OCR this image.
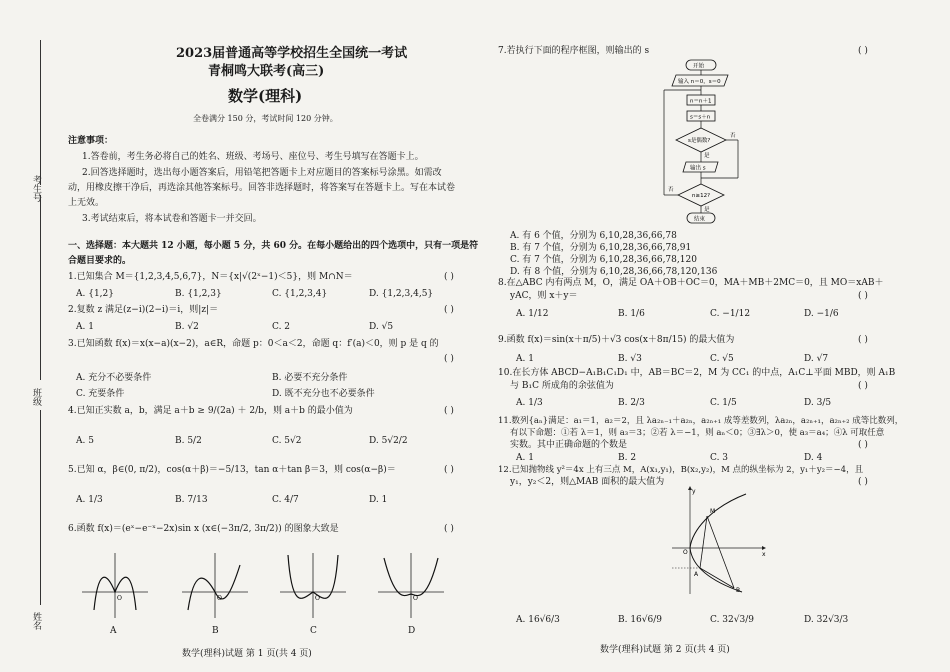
考生号
班级
姓名
2023届普通高等学校招生全国统一考试
青桐鸣大联考(高三)
数学(理科)
全卷满分 150 分，考试时间 120 分钟。
注意事项：
1.答卷前，考生务必将自己的姓名、班级、考场号、座位号、考生号填写在答题卡上。
2.回答选择题时，选出每小题答案后，用铅笔把答题卡上对应题目的答案标号涂黑。如需改
动，用橡皮擦干净后，再选涂其他答案标号。回答非选择题时，将答案写在答题卡上。写在本试卷
上无效。
3.考试结束后，将本试卷和答题卡一并交回。
一、选择题：本大题共 12 小题，每小题 5 分，共 60 分。在每小题给出的四个选项中，只有一项是符
合题目要求的。
1.已知集合 M＝{1,2,3,4,5,6,7}，N＝{x|√(2ˣ−1)＜5}，则 M∩N＝	( )
A. {1,2}	B. {1,2,3}	C. {1,2,3,4}	D. {1,2,3,4,5}
2.复数 z 满足(z−i)(2−i)＝i，则|z|＝	( )
A. 1	B. √2	C. 2	D. √5
3.已知函数 f(x)＝x(x−a)(x−2)，a∈R，命题 p：0＜a＜2，命题 q：f′(a)＜0，则 p 是 q 的
( )
A. 充分不必要条件	B. 必要不充分条件
C. 充要条件	D. 既不充分也不必要条件
4.已知正实数 a，b，满足 a＋b ≥ 9/(2a) ＋ 2/b，则 a＋b 的最小值为	( )
A. 5	B. 5/2	C. 5√2	D. 5√2/2
5.已知 α，β∈(0, π/2)，cos(α＋β)＝−5/13，tan α＋tan β＝3，则 cos(α−β)＝	( )
A. 1/3	B. 7/13	C. 4/7	D. 1
6.函数 f(x)＝(eˣ−e⁻ˣ−2x)sin x (x∈(−3π/2, 3π/2)) 的图象大致是	( )
O
A
O
B
O
C
O
D
数学(理科)试题 第 1 页(共 4 页)
7.若执行下面的程序框图，则输出的 s	( )
开始
输入 n＝0，s＝0
n＝n＋1
s＝s＋n
s是偶数?
是
输出 s
否
n≥12?
否
是
结束
A. 有 6 个值，分别为 6,10,28,36,66,78
B. 有 7 个值，分别为 6,10,28,36,66,78,91
C. 有 7 个值，分别为 6,10,28,36,66,78,120
D. 有 8 个值，分别为 6,10,28,36,66,78,120,136
8.在△ABC 内有两点 M，O，满足 OA＋OB＋OC＝0，MA＋MB＋2MC＝0，且 MO＝xAB＋
yAC，则 x＋y＝	( )
A. 1/12	B. 1/6	C. −1/12	D. −1/6
9.函数 f(x)＝sin(x＋π/5)＋√3 cos(x＋8π/15) 的最大值为	( )
A. 1	B. √3	C. √5	D. √7
10.在长方体 ABCD−A₁B₁C₁D₁ 中，AB＝BC＝2，M 为 CC₁ 的中点，A₁C⊥平面 MBD，则 A₁B
与 B₁C 所成角的余弦值为	( )
A. 1/3	B. 2/3	C. 1/5	D. 3/5
11.数列{aₙ}满足：a₁＝1，a₂＝2，且 λa₂ₙ₋₁＋a₂ₙ，a₂ₙ₊₁ 成等差数列，λa₂ₙ，a₂ₙ₊₁，a₂ₙ₊₂ 成等比数列，
有以下命题：①若 λ＝1，则 a₃＝3；②若 λ＝−1，则 aₙ＜0；③∃λ＞0，使 a₃＝a₄；④λ 可取任意
实数。其中正确命题的个数是	( )
A. 1	B. 2	C. 3	D. 4
12.已知抛物线 y²＝4x 上有三点 M，A(x₁,y₁)，B(x₂,y₂)，M 点的纵坐标为 2，y₁＋y₂＝−4，且
y₁，y₂＜2，则△MAB 面积的最大值为	( )
M
A
B
O
y
x
A. 16√6/3	B. 16√6/9	C. 32√3/9	D. 32√3/3
数学(理科)试题 第 2 页(共 4 页)
